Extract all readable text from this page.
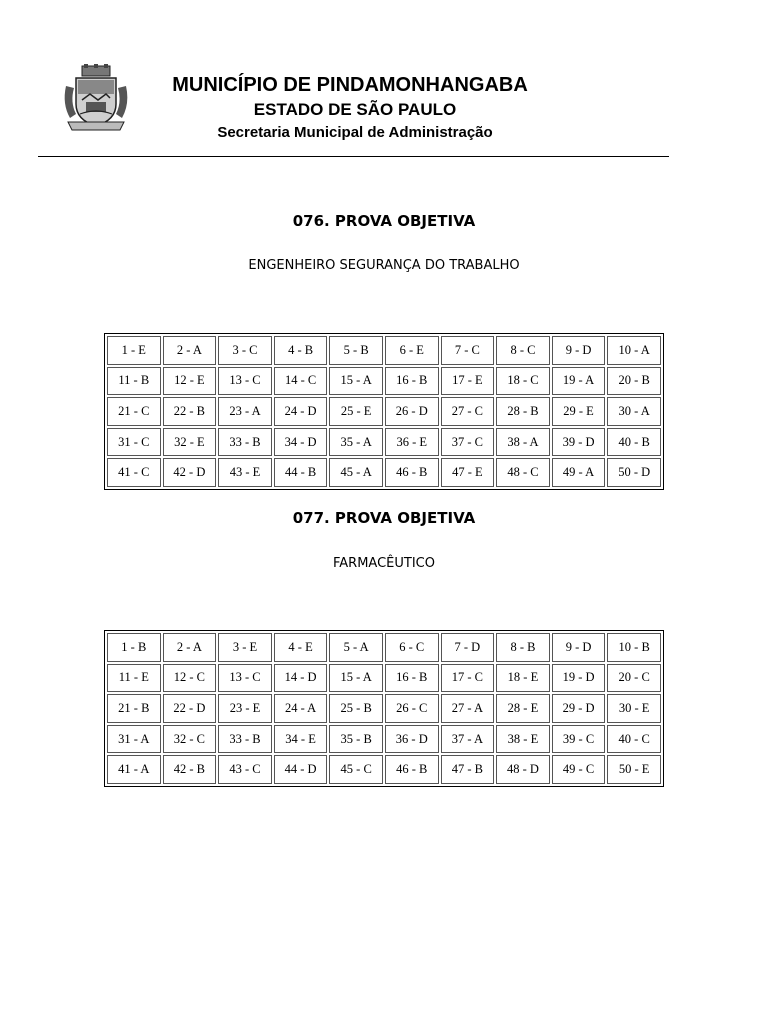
MUNICÍPIO DE PINDAMONHANGABA
ESTADO DE SÃO PAULO
Secretaria Municipal de Administração
076. PROVA OBJETIVA
ENGENHEIRO SEGURANÇA DO TRABALHO
1 - E	2 - A	3 - C	4 - B	5 - B	6 - E	7 - C	8 - C	9 - D	10 - A
11 - B	12 - E	13 - C	14 - C	15 - A	16 - B	17 - E	18 - C	19 - A	20 - B
21 - C	22 - B	23 - A	24 - D	25 - E	26 - D	27 - C	28 - B	29 - E	30 - A
31 - C	32 - E	33 - B	34 - D	35 - A	36 - E	37 - C	38 - A	39 - D	40 - B
41 - C	42 - D	43 - E	44 - B	45 - A	46 - B	47 - E	48 - C	49 - A	50 - D
077. PROVA OBJETIVA
FARMACÊUTICO
1 - B	2 - A	3 - E	4 - E	5 - A	6 - C	7 - D	8 - B	9 - D	10 - B
11 - E	12 - C	13 - C	14 - D	15 - A	16 - B	17 - C	18 - E	19 - D	20 - C
21 - B	22 - D	23 - E	24 - A	25 - B	26 - C	27 - A	28 - E	29 - D	30 - E
31 - A	32 - C	33 - B	34 - E	35 - B	36 - D	37 - A	38 - E	39 - C	40 - C
41 - A	42 - B	43 - C	44 - D	45 - C	46 - B	47 - B	48 - D	49 - C	50 - E
